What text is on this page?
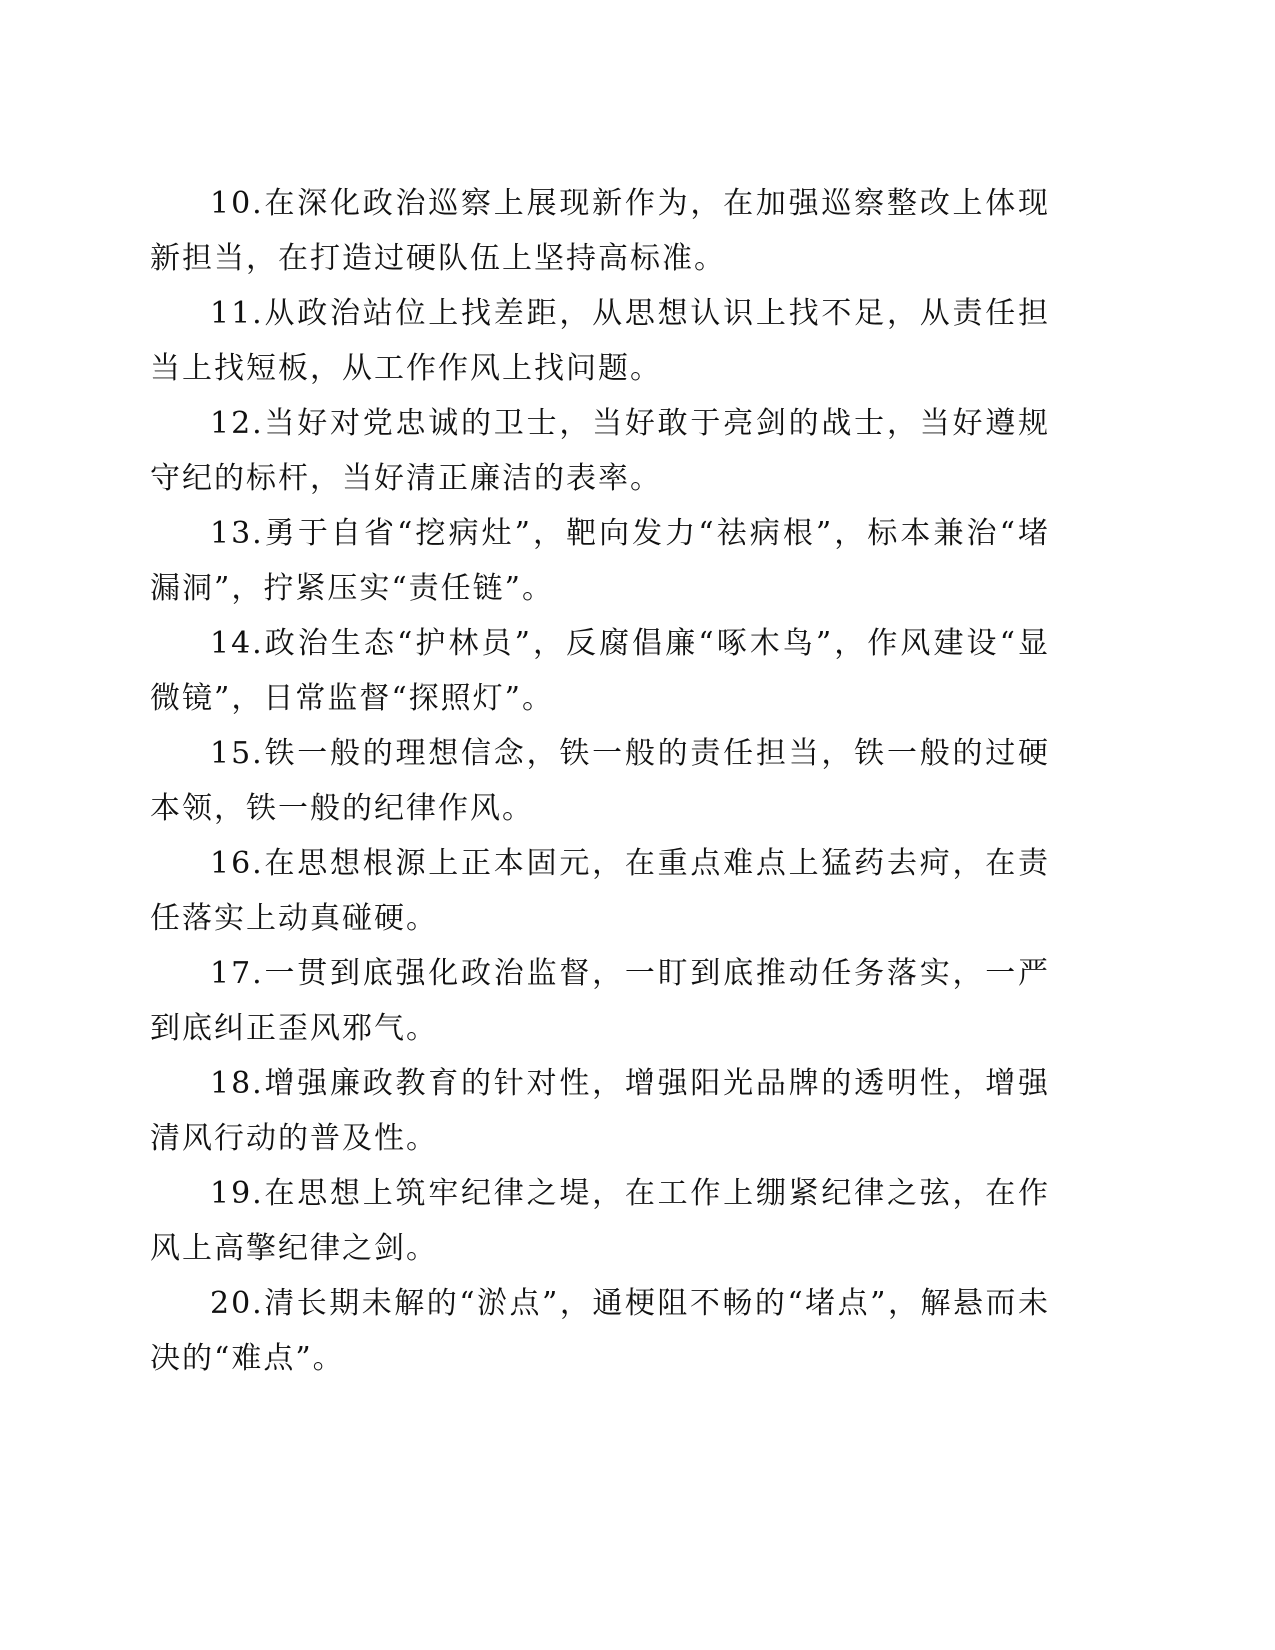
10.在深化政治巡察上展现新作为，在加强巡察整改上体现新担当，在打造过硬队伍上坚持高标准。

11.从政治站位上找差距，从思想认识上找不足，从责任担当上找短板，从工作作风上找问题。

12.当好对党忠诚的卫士，当好敢于亮剑的战士，当好遵规守纪的标杆，当好清正廉洁的表率。

13.勇于自省“挖病灶”，靶向发力“祛病根”，标本兼治“堵漏洞”，拧紧压实“责任链”。

14.政治生态“护林员”，反腐倡廉“啄木鸟”，作风建设“显微镜”，日常监督“探照灯”。

15.铁一般的理想信念，铁一般的责任担当，铁一般的过硬本领，铁一般的纪律作风。

16.在思想根源上正本固元，在重点难点上猛药去疴，在责任落实上动真碰硬。

17.一贯到底强化政治监督，一盯到底推动任务落实，一严到底纠正歪风邪气。

18.增强廉政教育的针对性，增强阳光品牌的透明性，增强清风行动的普及性。

19.在思想上筑牢纪律之堤，在工作上绷紧纪律之弦，在作风上高擎纪律之剑。

20.清长期未解的“淤点”，通梗阻不畅的“堵点”，解悬而未决的“难点”。
